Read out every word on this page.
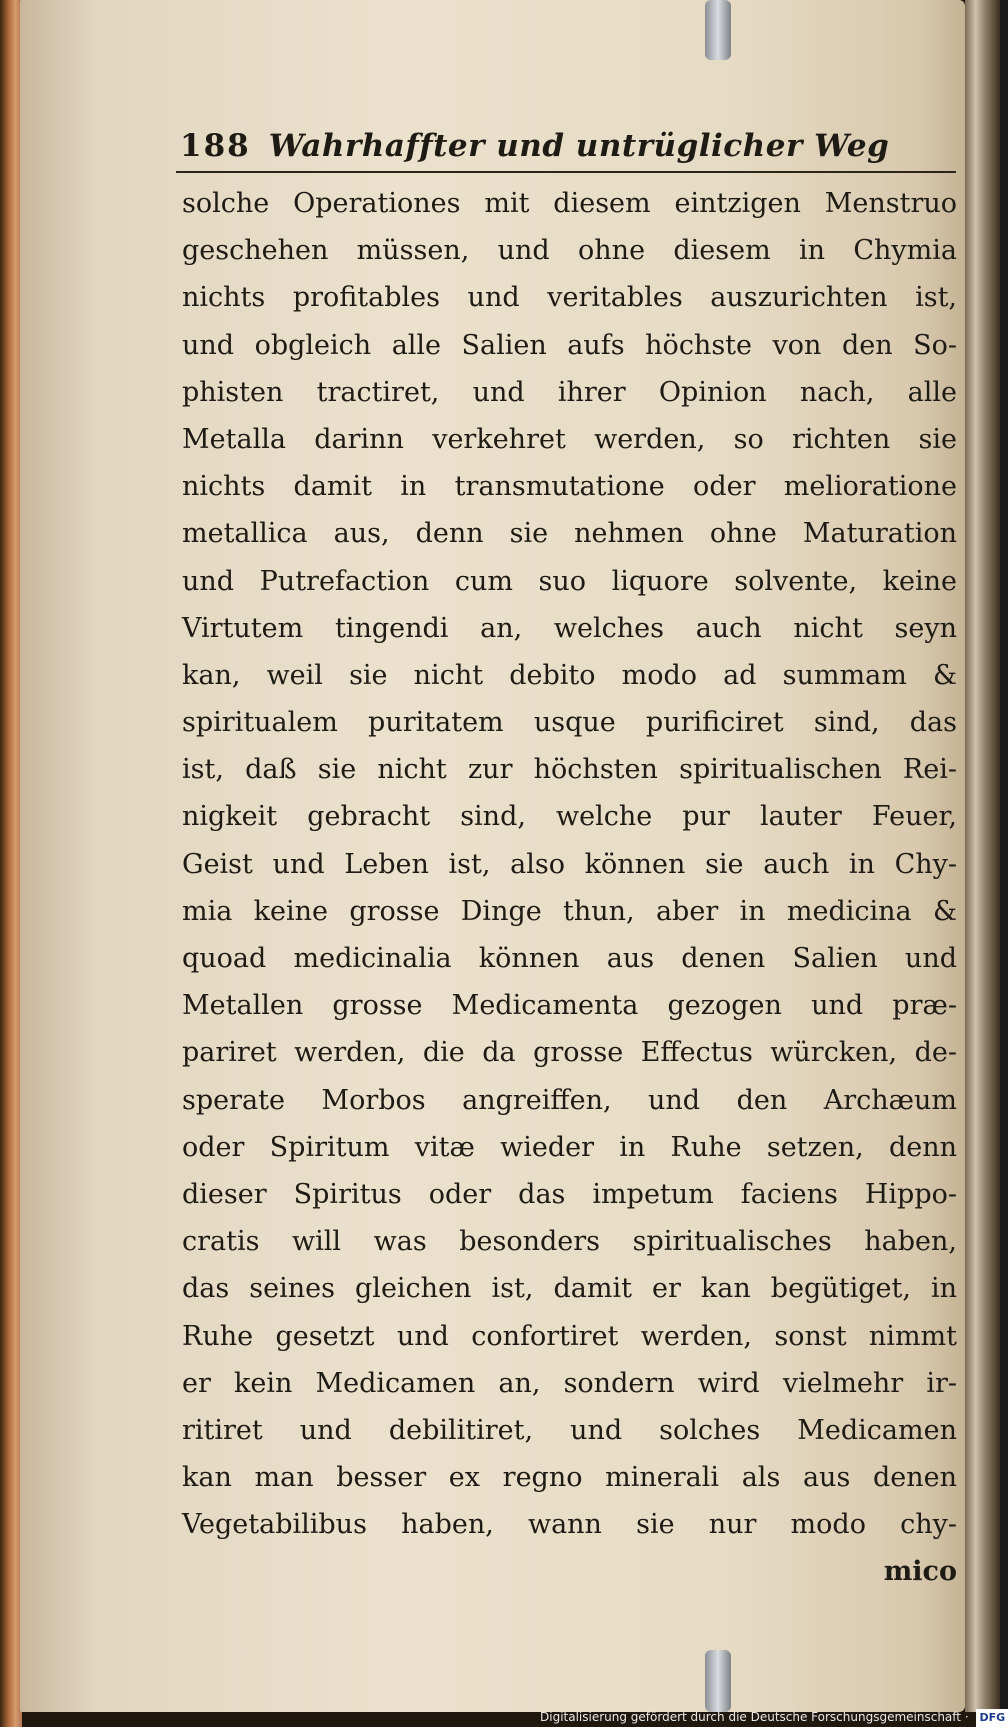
188 Wahrhaffter und untrüglicher Weg
solche Operationes mit diesem eintzigen Menstruo
geschehen müssen, und ohne diesem in Chymia
nichts profitables und veritables auszurichten ist,
und obgleich alle Salien aufs höchste von den So-
phisten tractiret, und ihrer Opinion nach, alle
Metalla darinn verkehret werden, so richten sie
nichts damit in transmutatione oder melioratione
metallica aus, denn sie nehmen ohne Maturation
und Putrefaction cum suo liquore solvente, keine
Virtutem tingendi an, welches auch nicht seyn
kan, weil sie nicht debito modo ad summam &
spiritualem puritatem usque purificiret sind, das
ist, daß sie nicht zur höchsten spiritualischen Rei-
nigkeit gebracht sind, welche pur lauter Feuer,
Geist und Leben ist, also können sie auch in Chy-
mia keine grosse Dinge thun, aber in medicina &
quoad medicinalia können aus denen Salien und
Metallen grosse Medicamenta gezogen und præ-
pariret werden, die da grosse Effectus würcken, de-
sperate Morbos angreiffen, und den Archæum
oder Spiritum vitæ wieder in Ruhe setzen, denn
dieser Spiritus oder das impetum faciens Hippo-
cratis will was besonders spiritualisches haben,
das seines gleichen ist, damit er kan begütiget, in
Ruhe gesetzt und confortiret werden, sonst nimmt
er kein Medicamen an, sondern wird vielmehr ir-
ritiret und debilitiret, und solches Medicamen
kan man besser ex regno minerali als aus denen
Vegetabilibus haben, wann sie nur modo chy-
mico
Digitalisierung gefördert durch die Deutsche Forschungsgemeinschaft · DFG
